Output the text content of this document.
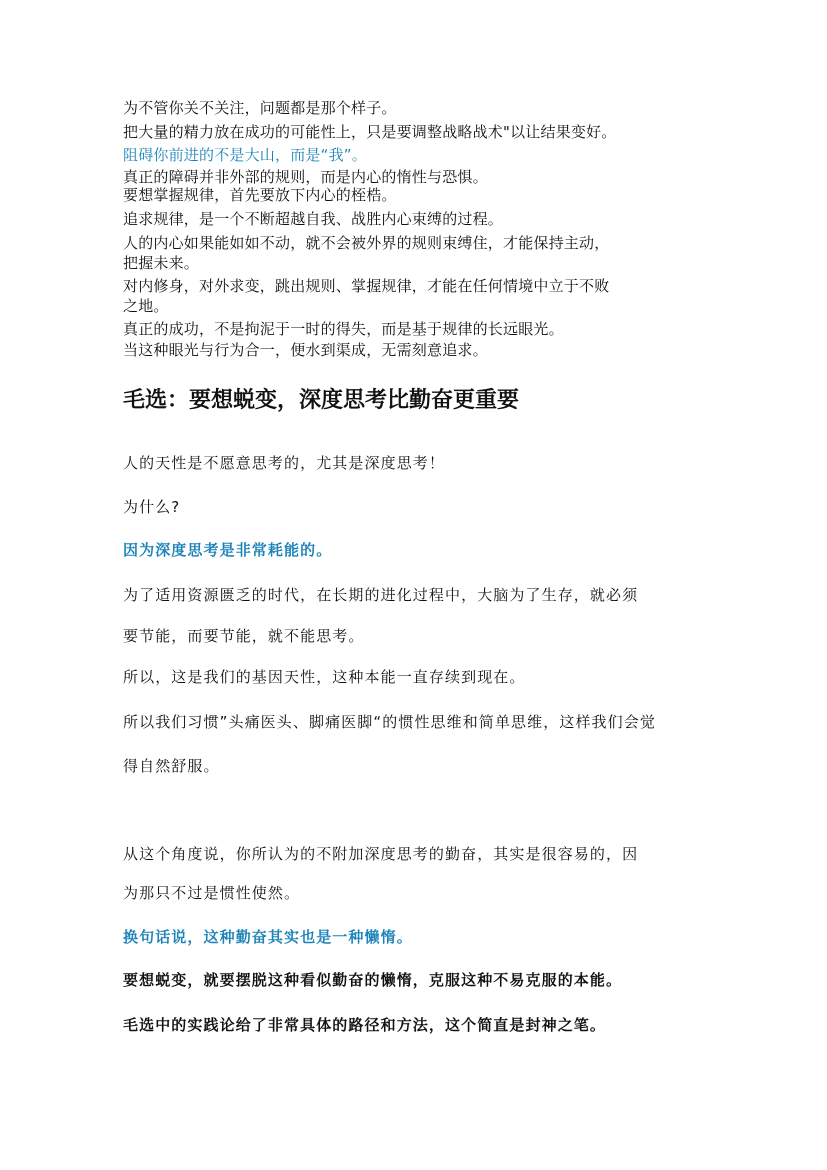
为不管你关不关注，问题都是那个样子。
把大量的精力放在成功的可能性上，只是要调整战略战术"以让结果变好。
阻碍你前进的不是大山，而是“我”。
真正的障碍并非外部的规则，而是内心的惰性与恐惧。
要想掌握规律，首先要放下内心的桎梏。
追求规律，是一个不断超越自我、战胜内心束缚的过程。
人的内心如果能如如不动，就不会被外界的规则束缚住，才能保持主动，
把握未来。
对内修身，对外求变，跳出规则、掌握规律，才能在任何情境中立于不败
之地。
真正的成功，不是拘泥于一时的得失，而是基于规律的长远眼光。
当这种眼光与行为合一，便水到渠成，无需刻意追求。
毛选：要想蜕变，深度思考比勤奋更重要
人的天性是不愿意思考的，尤其是深度思考！
为什么?
因为深度思考是非常耗能的。
为了适用资源匮乏的时代，在长期的进化过程中，大脑为了生存，就必须
要节能，而要节能，就不能思考。
所以，这是我们的基因天性，这种本能一直存续到现在。
所以我们习惯”头痛医头、脚痛医脚“的惯性思维和简单思维，这样我们会觉
得自然舒服。
从这个角度说，你所认为的不附加深度思考的勤奋，其实是很容易的，因
为那只不过是惯性使然。
换句话说，这种勤奋其实也是一种懒惰。
要想蜕变，就要摆脱这种看似勤奋的懒惰，克服这种不易克服的本能。
毛选中的实践论给了非常具体的路径和方法，这个简直是封神之笔。
